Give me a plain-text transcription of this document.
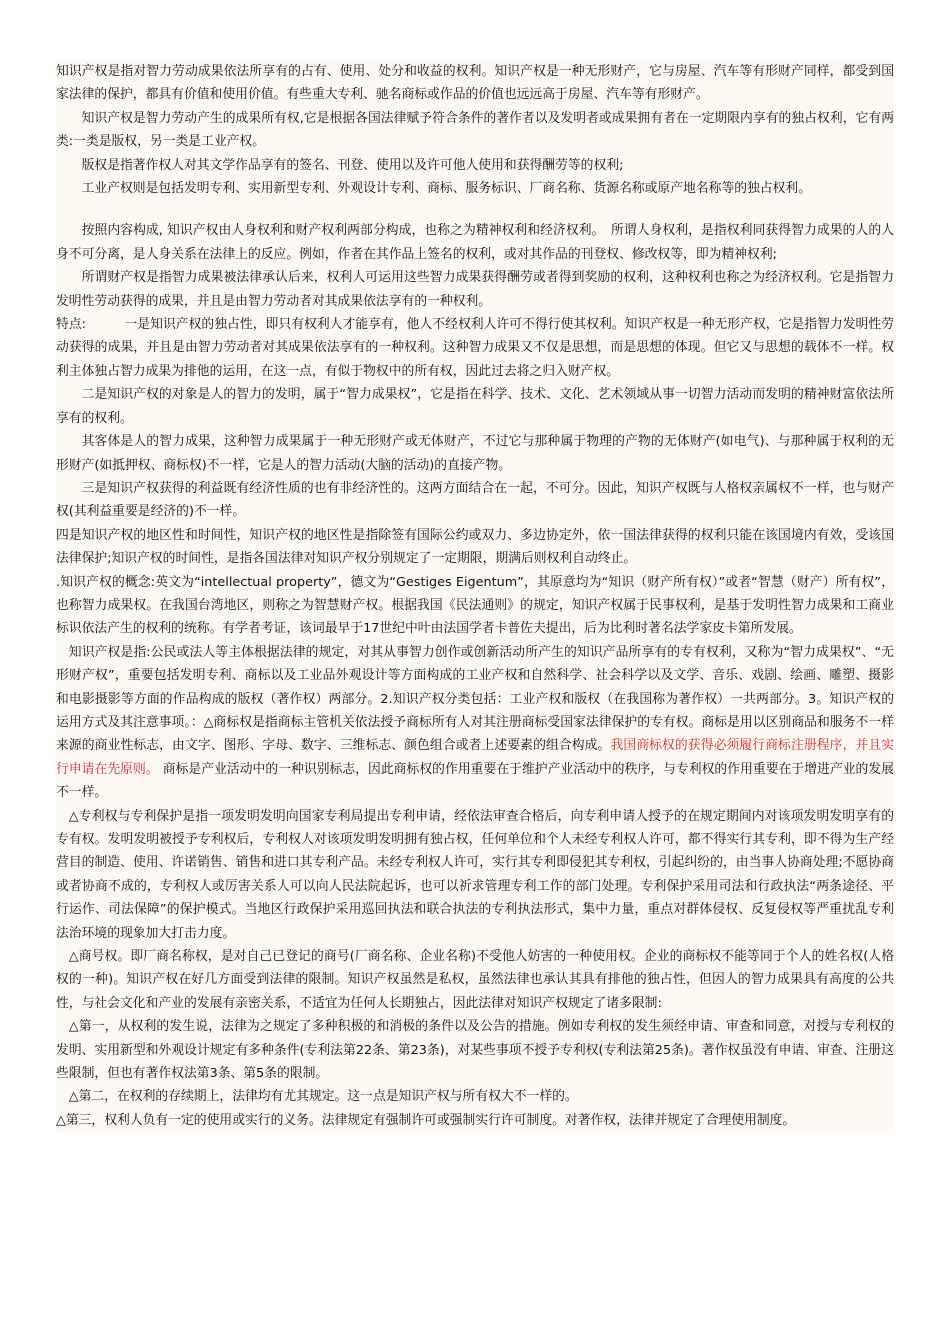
知识产权是指对智力劳动成果依法所享有的占有、使用、处分和收益的权利。知识产权是一种无形财产，它与房屋、汽车等有形财产同样，都受到国家法律的保护，都具有价值和使用价值。有些重大专利、驰名商标或作品的价值也远远高于房屋、汽车等有形财产。

知识产权是智力劳动产生的成果所有权,它是根据各国法律赋予符合条件的著作者以及发明者或成果拥有者在一定期限内享有的独占权利，它有两类:一类是版权，另一类是工业产权。

版权是指著作权人对其文学作品享有的签名、刊登、使用以及许可他人使用和获得酬劳等的权利;

工业产权则是包括发明专利、实用新型专利、外观设计专利、商标、服务标识、厂商名称、货源名称或原产地名称等的独占权利。

按照内容构成, 知识产权由人身权利和财产权利两部分构成，也称之为精神权利和经济权利。　所谓人身权利，是指权利同获得智力成果的人的人身不可分离，是人身关系在法律上的反应。例如，作者在其作品上签名的权利，或对其作品的刊登权、修改权等，即为精神权利;

所谓财产权是指智力成果被法律承认后来，权利人可运用这些智力成果获得酬劳或者得到奖励的权利，这种权利也称之为经济权利。它是指智力发明性劳动获得的成果，并且是由智力劳动者对其成果依法享有的一种权利。

特点:　　　一是知识产权的独占性，即只有权利人才能享有，他人不经权利人许可不得行使其权利。知识产权是一种无形产权，它是指智力发明性劳动获得的成果，并且是由智力劳动者对其成果依法享有的一种权利。这种智力成果又不仅是思想，而是思想的体现。但它又与思想的载体不一样。权利主体独占智力成果为排他的运用，在这一点，有似于物权中的所有权，因此过去将之归入财产权。

二是知识产权的对象是人的智力的发明，属于“智力成果权”，它是指在科学、技术、文化、艺术领域从事一切智力活动而发明的精神财富依法所享有的权利。

其客体是人的智力成果，这种智力成果属于一种无形财产或无体财产，不过它与那种属于物理的产物的无体财产(如电气)、与那种属于权利的无形财产(如抵押权、商标权)不一样，它是人的智力活动(大脑的活动)的直接产物。

三是知识产权获得的利益既有经济性质的也有非经济性的。这两方面结合在一起，不可分。因此，知识产权既与人格权亲属权不一样，也与财产权(其利益重要是经济的)不一样。

四是知识产权的地区性和时间性，知识产权的地区性是指除签有国际公约或双力、多边协定外，依一国法律获得的权利只能在该国境内有效，受该国法律保护;知识产权的时间性，是指各国法律对知识产权分别规定了一定期限，期满后则权利自动终止。

.知识产权的概念:英文为“intellectual property”，德文为“Gestiges Eigentum”，其原意均为“知识（财产所有权）”或者“智慧（财产）所有权”，也称智力成果权。在我国台湾地区，则称之为智慧财产权。根据我国《民法通则》的规定，知识产权属于民事权利，是基于发明性智力成果和工商业标识依法产生的权利的统称。有学者考证，该词最早于17世纪中叶由法国学者卡普佐夫提出，后为比利时著名法学家皮卡第所发展。

知识产权是指:公民或法人等主体根据法律的规定，对其从事智力创作或创新活动所产生的知识产品所享有的专有权利，又称为“智力成果权”、“无形财产权”，重要包括发明专利、商标以及工业品外观设计等方面构成的工业产权和自然科学、社会科学以及文学、音乐、戏剧、绘画、雕塑、摄影和电影摄影等方面的作品构成的版权（著作权）两部分。2.知识产权分类包括：工业产权和版权（在我国称为著作权）一共两部分。3。知识产权的运用方式及其注意事项。：△商标权是指商标主管机关依法授予商标所有人对其注册商标受国家法律保护的专有权。商标是用以区别商品和服务不一样来源的商业性标志，由文字、图形、字母、数字、三维标志、颜色组合或者上述要素的组合构成。我国商标权的获得必须履行商标注册程序，并且实行申请在先原则。 商标是产业活动中的一种识别标志，因此商标权的作用重要在于维护产业活动中的秩序，与专利权的作用重要在于增进产业的发展不一样。

△专利权与专利保护是指一项发明发明向国家专利局提出专利申请，经依法审查合格后，向专利申请人授予的在规定期间内对该项发明发明享有的专有权。发明发明被授予专利权后，专利权人对该项发明发明拥有独占权，任何单位和个人未经专利权人许可，都不得实行其专利，即不得为生产经营目的制造、使用、许诺销售、销售和进口其专利产品。未经专利权人许可，实行其专利即侵犯其专利权，引起纠纷的，由当事人协商处理;不愿协商或者协商不成的，专利权人或厉害关系人可以向人民法院起诉，也可以祈求管理专利工作的部门处理。专利保护采用司法和行政执法“两条途径、平行运作、司法保障”的保护模式。当地区行政保护采用巡回执法和联合执法的专利执法形式，集中力量，重点对群体侵权、反复侵权等严重扰乱专利法治环境的现象加大打击力度。

△商号权。即厂商名称权，是对自己已登记的商号(厂商名称、企业名称)不受他人妨害的一种使用权。企业的商标权不能等同于个人的姓名权(人格权的一种)。知识产权在好几方面受到法律的限制。知识产权虽然是私权，虽然法律也承认其具有排他的独占性，但因人的智力成果具有高度的公共性，与社会文化和产业的发展有亲密关系，不适宜为任何人长期独占，因此法律对知识产权规定了诸多限制:

△第一，从权利的发生说，法律为之规定了多种积极的和消极的条件以及公告的措施。例如专利权的发生须经申请、审查和同意，对授与专利权的发明、实用新型和外观设计规定有多种条件(专利法第22条、第23条)，对某些事项不授予专利权(专利法第25条)。著作权虽没有申请、审查、注册这些限制，但也有著作权法第3条、第5条的限制。

△第二，在权利的存续期上，法律均有尤其规定。这一点是知识产权与所有权大不一样的。

△第三，权利人负有一定的使用或实行的义务。法律规定有强制许可或强制实行许可制度。对著作权，法律并规定了合理使用制度。
